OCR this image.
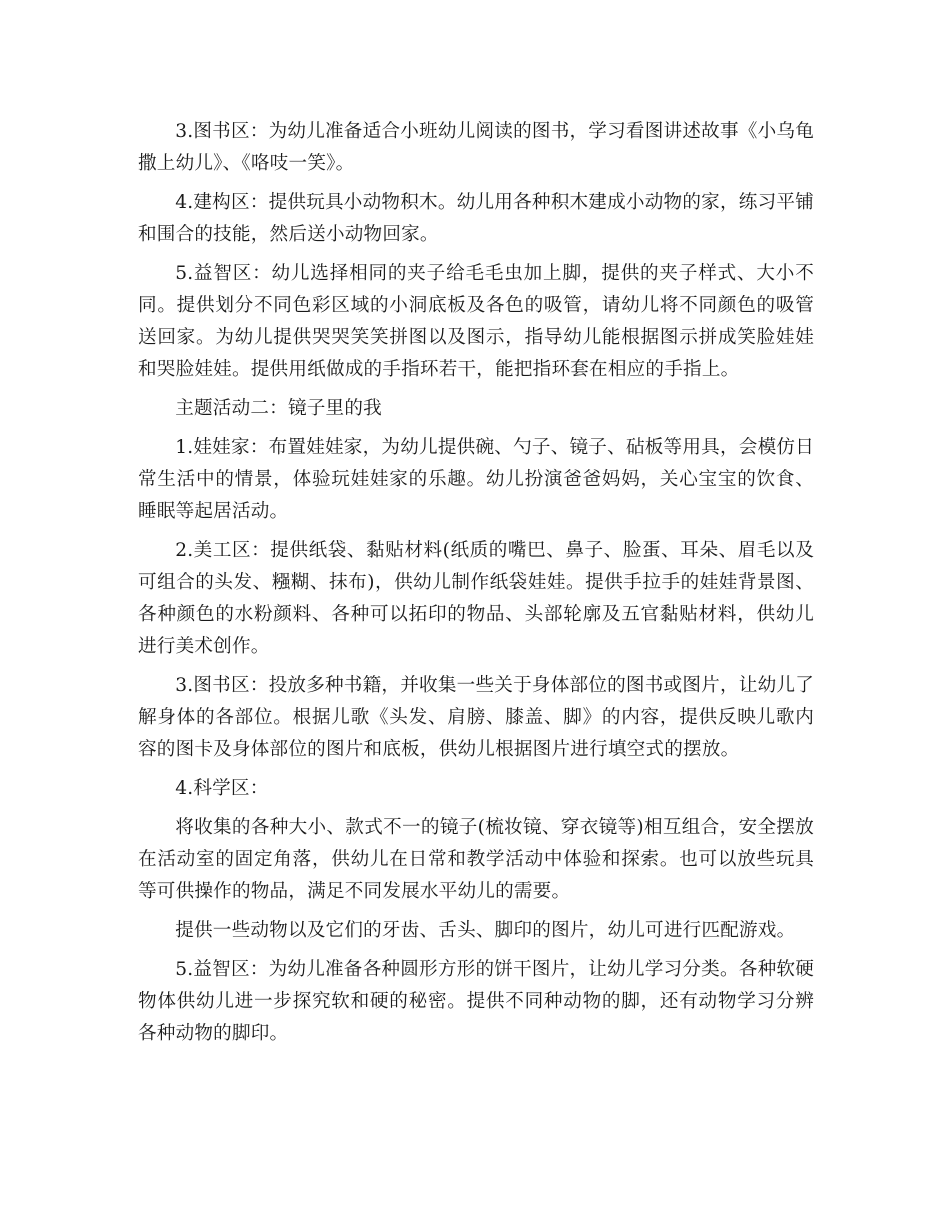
3.图书区：为幼儿准备适合小班幼儿阅读的图书，学习看图讲述故事《小乌龟撒上幼儿》、《咯吱一笑》。

4.建构区：提供玩具小动物积木。幼儿用各种积木建成小动物的家，练习平铺和围合的技能，然后送小动物回家。

5.益智区：幼儿选择相同的夹子给毛毛虫加上脚，提供的夹子样式、大小不同。提供划分不同色彩区域的小洞底板及各色的吸管，请幼儿将不同颜色的吸管送回家。为幼儿提供哭哭笑笑拼图以及图示，指导幼儿能根据图示拼成笑脸娃娃和哭脸娃娃。提供用纸做成的手指环若干，能把指环套在相应的手指上。

主题活动二：镜子里的我

1.娃娃家：布置娃娃家，为幼儿提供碗、勺子、镜子、砧板等用具，会模仿日常生活中的情景，体验玩娃娃家的乐趣。幼儿扮演爸爸妈妈，关心宝宝的饮食、睡眠等起居活动。

2.美工区：提供纸袋、黏贴材料(纸质的嘴巴、鼻子、脸蛋、耳朵、眉毛以及可组合的头发、糨糊、抹布)，供幼儿制作纸袋娃娃。提供手拉手的娃娃背景图、各种颜色的水粉颜料、各种可以拓印的物品、头部轮廓及五官黏贴材料，供幼儿进行美术创作。

3.图书区：投放多种书籍，并收集一些关于身体部位的图书或图片，让幼儿了解身体的各部位。根据儿歌《头发、肩膀、膝盖、脚》的内容，提供反映儿歌内容的图卡及身体部位的图片和底板，供幼儿根据图片进行填空式的摆放。

4.科学区：

将收集的各种大小、款式不一的镜子(梳妆镜、穿衣镜等)相互组合，安全摆放在活动室的固定角落，供幼儿在日常和教学活动中体验和探索。也可以放些玩具等可供操作的物品，满足不同发展水平幼儿的需要。

提供一些动物以及它们的牙齿、舌头、脚印的图片，幼儿可进行匹配游戏。

5.益智区：为幼儿准备各种圆形方形的饼干图片，让幼儿学习分类。各种软硬物体供幼儿进一步探究软和硬的秘密。提供不同种动物的脚，还有动物学习分辨各种动物的脚印。
